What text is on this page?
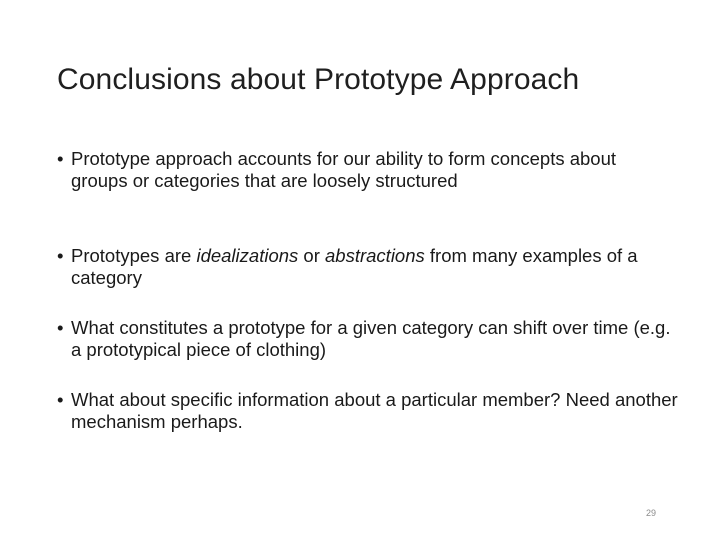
Conclusions about Prototype Approach
• Prototype approach accounts for our ability to form concepts about groups or categories that are loosely structured
• Prototypes are idealizations or abstractions from many examples of a category
• What constitutes a prototype for a given category can shift over time (e.g. a prototypical piece of clothing)
• What about specific information about a particular member? Need another mechanism perhaps.
29
